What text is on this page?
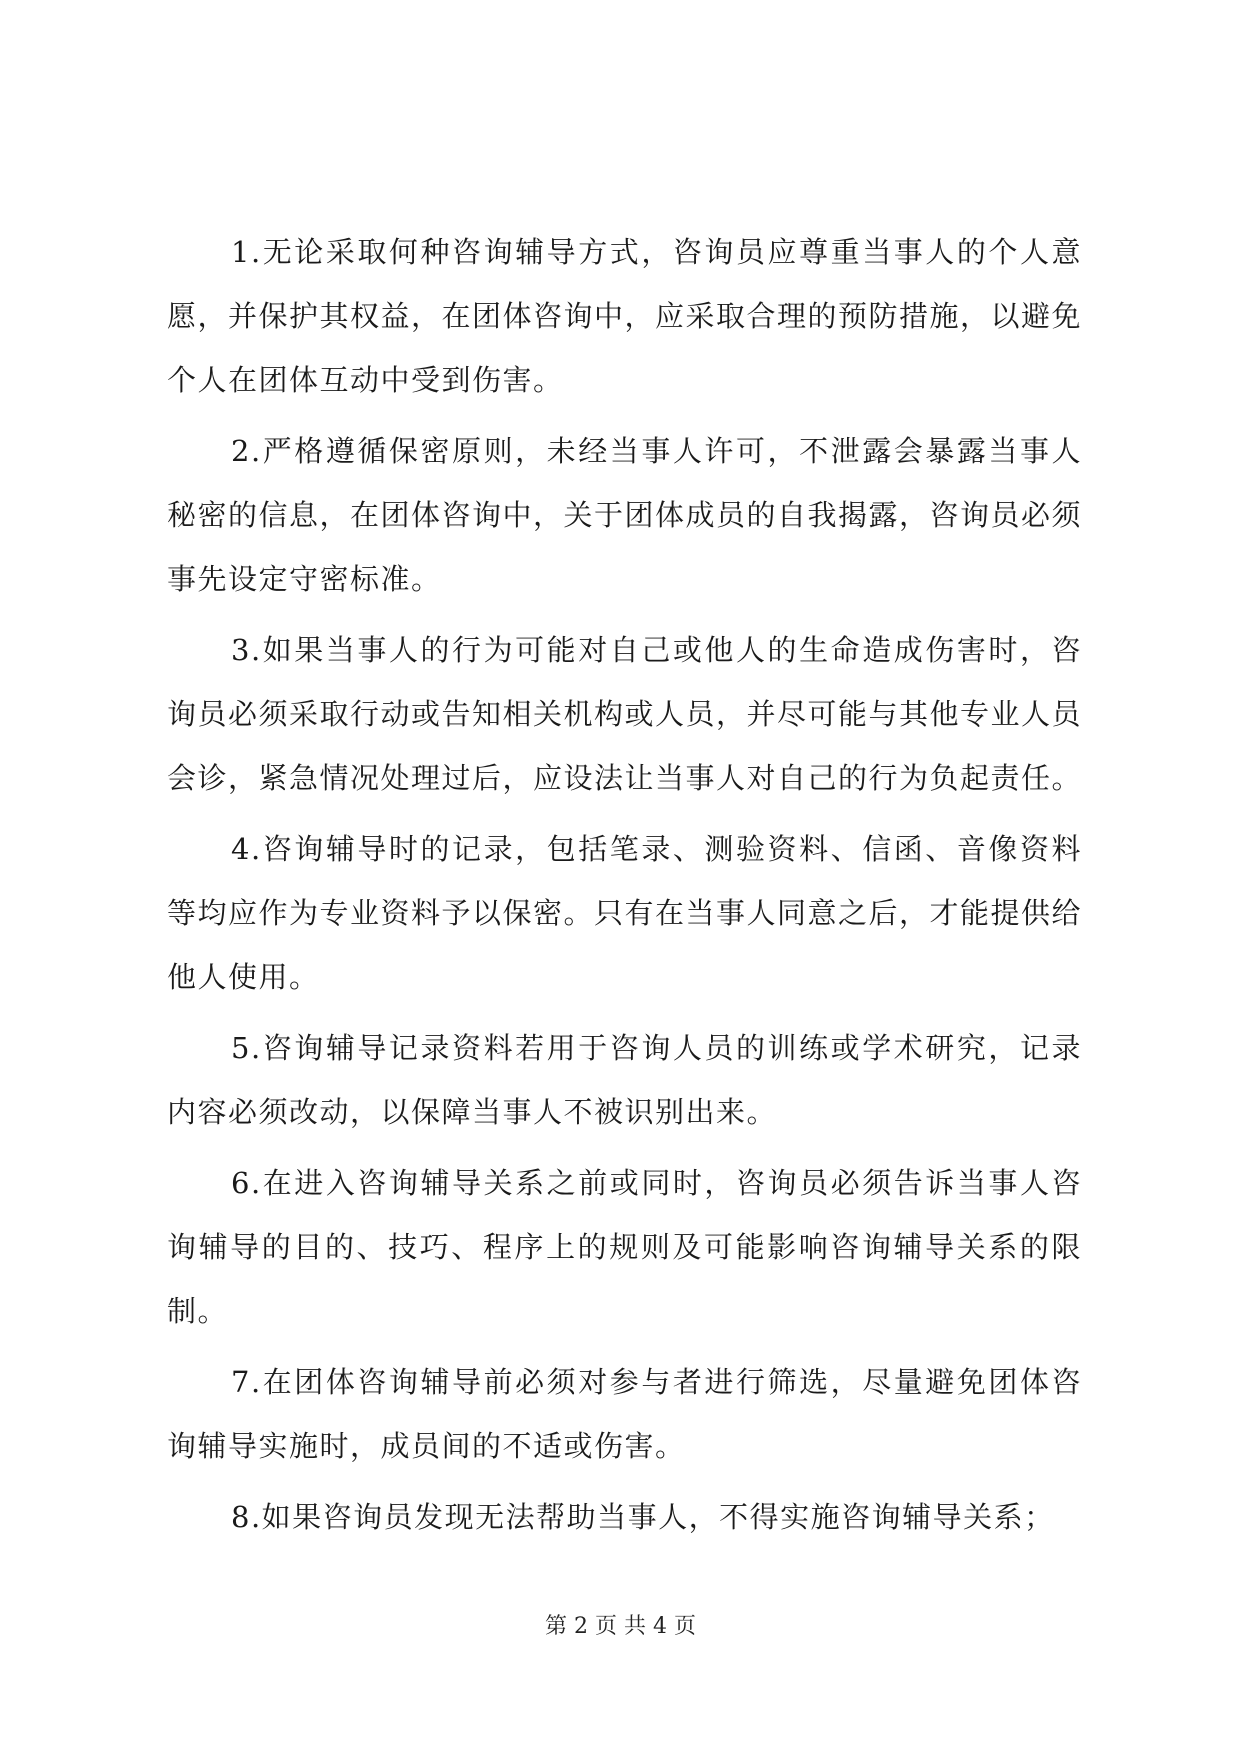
1.无论采取何种咨询辅导方式，咨询员应尊重当事人的个人意愿，并保护其权益，在团体咨询中，应采取合理的预防措施，以避免个人在团体互动中受到伤害。

2.严格遵循保密原则，未经当事人许可，不泄露会暴露当事人秘密的信息，在团体咨询中，关于团体成员的自我揭露，咨询员必须事先设定守密标准。

3.如果当事人的行为可能对自己或他人的生命造成伤害时，咨询员必须采取行动或告知相关机构或人员，并尽可能与其他专业人员会诊，紧急情况处理过后，应设法让当事人对自己的行为负起责任。

4.咨询辅导时的记录，包括笔录、测验资料、信函、音像资料等均应作为专业资料予以保密。只有在当事人同意之后，才能提供给他人使用。

5.咨询辅导记录资料若用于咨询人员的训练或学术研究，记录内容必须改动，以保障当事人不被识别出来。

6.在进入咨询辅导关系之前或同时，咨询员必须告诉当事人咨询辅导的目的、技巧、程序上的规则及可能影响咨询辅导关系的限制。

7.在团体咨询辅导前必须对参与者进行筛选，尽量避免团体咨询辅导实施时，成员间的不适或伤害。

8.如果咨询员发现无法帮助当事人，不得实施咨询辅导关系；

第 2 页 共 4 页
